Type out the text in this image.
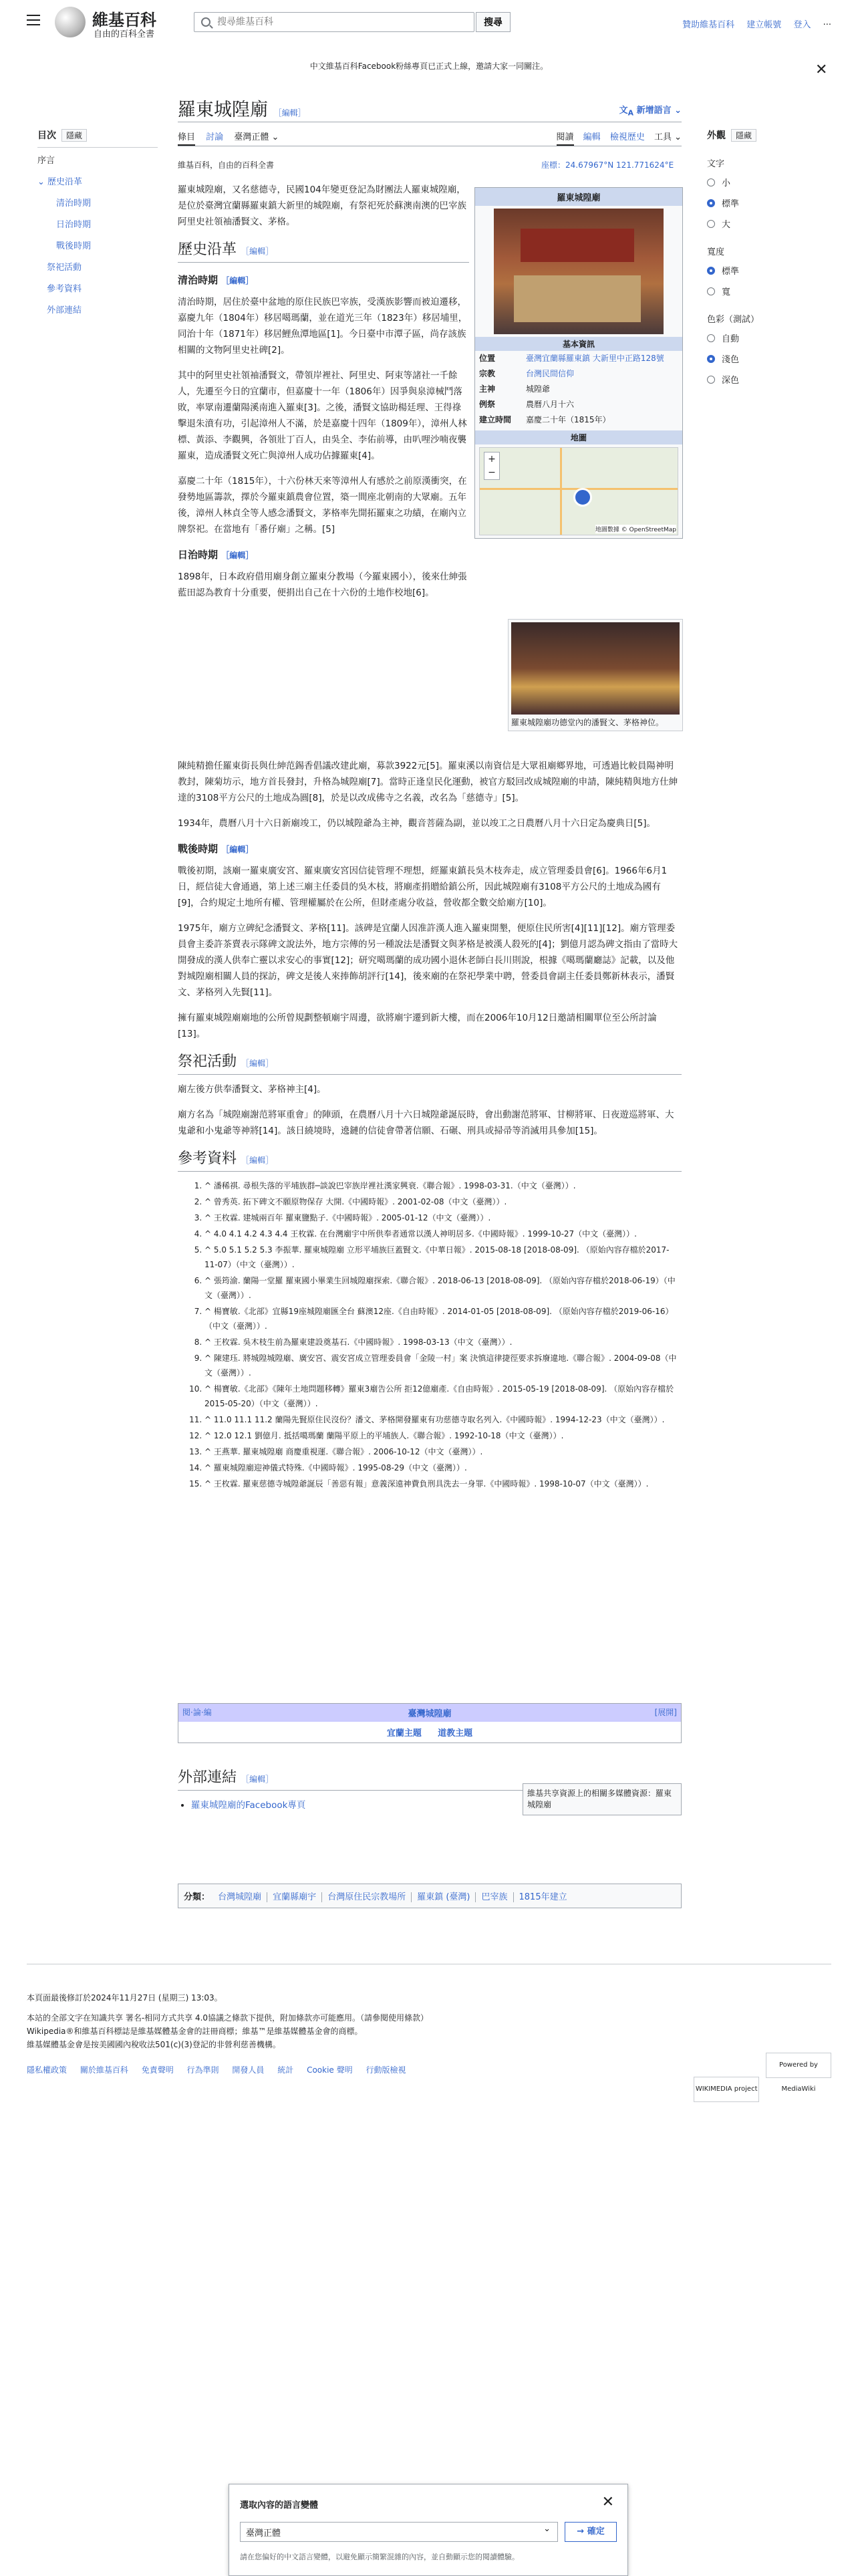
維基百科
自由的百科全書
搜尋維基百科
搜尋	贊助維基百科 建立帳號 登入 ···
中文維基百科Facebook粉絲專頁已正式上線，邀請大家一同關注。	✕
目次 隱藏
序言
⌄ 歷史沿革
清治時期
日治時期
戰後時期
祭祀活動
參考資料
外部連結
羅東城隍廟 ［編輯］	文$_A$ 新增語言 ⌄
條目 討論 臺灣正體 ⌄	閱讀 編輯 檢視歷史 工具 ⌄
維基百科，自由的百科全書	座標：24.67967°N 121.771624°E

羅東城隍廟，又名慈德寺，民國104年變更登記為財團法人羅東城隍廟，是位於臺灣宜蘭縣羅東鎮大新里的城隍廟，有祭祀死於蘇澳南澳的巴宰族阿里史社領袖潘賢文、茅格。

歷史沿革 ［編輯］
清治時期 ［編輯］

清治時期，居住於臺中盆地的原住民族巴宰族，受漢族影響而被迫遷移，嘉慶九年（1804年）移居噶瑪蘭，並在道光三年（1823年）移居埔里，同治十年（1871年）移居鯉魚潭地區[1]。今日臺中市潭子區，尚存該族相關的文物阿里史社碑[2]。

其中的阿里史社領袖潘賢文，帶領岸裡社、阿里史、阿束等諸社一千餘人，先遷至今日的宜蘭市，但嘉慶十一年（1806年）因爭與泉漳械鬥落敗，率眾南遷蘭陽溪南進入羅東[3]。之後，潘賢文協助楊廷理、王得祿擊退朱濆有功，引起漳州人不滿，於是嘉慶十四年（1809年），漳州人林標、黃添、李觀興，各領壯丁百人，由吳全、李佑前導，由叭哩沙喃夜襲羅東，造成潘賢文死亡與漳州人成功佔據羅東[4]。

嘉慶二十年（1815年），十六份林天來等漳州人有感於之前原漢衝突，在發勢地區籌款，擇於今羅東鎮農會位置，築一間座北朝南的大眾廟。五年後，漳州人林貞全等人感念潘賢文，茅格率先開拓羅東之功績，在廟內立牌祭祀。在當地有「番仔廟」之稱。[5]

日治時期 ［編輯］

1898年，日本政府借用廟身創立羅東分教場（今羅東國小），後來仕紳張藍田認為教育十分重要，便捐出自己在十六份的土地作校地[6]。

羅東城隍廟
基本資訊
位置	臺灣宜蘭縣羅東鎮 大新里中正路128號
宗教	台灣民間信仰
主神	城隍爺
例祭	農曆八月十六
建立時間	嘉慶二十年（1815年）
地圖
+ −
地圖數據 © OpenStreetMap
羅東城隍廟功德堂內的潘賢文、茅格神位。

陳純精擔任羅東街長與仕紳范錫香倡議改建此廟，募款3922元[5]。羅東溪以南資信是大眾祖廟鄉界地，可透過比較員陽神明教封，陳菊坊示，地方首長發封，升格為城隍廟[7]。當時正逢皇民化運動，被官方駁回改成城隍廟的申請，陳純精與地方仕紳達的3108平方公尺的土地成為圓[8]，於是以改成佛寺之名義，改名為「慈德寺」[5]。

1934年，農曆八月十六日新廟竣工，仍以城隍爺為主神，觀音菩薩為副，並以竣工之日農曆八月十六日定為慶典日[5]。

戰後時期 ［編輯］

戰後初期，該廟一羅東廣安宮、羅東廣安宮因信徒管理不理想，經羅東鎮長吳木枝奔走，成立管理委員會[6]。1966年6月1日，經信徒大會通過，第上述三廟主任委員的吳木枝，將廟產捐贈給鎮公所，因此城隍廟有3108平方公尺的土地成為國有[9]，合約規定土地所有權、管理權屬於在公所，但財產處分收益，營收都全數交給廟方[10]。

1975年，廟方立碑紀念潘賢文、茅格[11]。該碑是宜蘭人因准許漢人進入羅東開墾，便原住民所害[4][11][12]。廟方管理委員會主委許茶賣表示隊碑文說法外，地方宗傳的另一種說法是潘賢文與茅格是被漢人殺死的[4]；劉億月認為碑文指由了當時大開發成的漢人供奉亡靈以求安心的事實[12]；研究噶瑪蘭的成功國小退休老師白長川則說，根據《噶瑪蘭廳誌》記載，以及他對城隍廟相關人員的探訪，碑文是後人來捧飾胡評行[14]，後來廟的在祭祀學業中聘，營委員會副主任委員鄭新林表示，潘賢文、茅格列入先賢[11]。

擁有羅東城隍廟廟地的公所曾規劃整頓廟宇周邊，欲將廟宇遷到新大樓，而在2006年10月12日邀請相關單位至公所討論[13]。

祭祀活動 ［編輯］

廟左後方供奉潘賢文、茅格神主[4]。

廟方名為「城隍廟謝范將軍重會」的陣頭，在農曆八月十六日城隍爺誕辰時，會出動謝范將軍、甘柳將軍、日夜遊巡將軍、大鬼爺和小鬼爺等神將[14]。該日繞境時，遶鏈的信徒會帶著信願、石碾、刑具或掃帚等消滅用具參加[15]。

參考資料 ［編輯］
1. ^ 潘稀祺. 尋根失落的平埔族群─談說巴宰族岸裡社漢家興衰.《聯合報》. 1998-03-31.（中文（臺灣））.
2. ^ 曾秀英. 拓下碑文不願原物保存 大開.《中國時報》. 2001-02-08（中文（臺灣））.
3. ^ 王枚霖. 建城兩百年 羅東鹽點子.《中國時報》. 2005-01-12（中文（臺灣））.
4. ^ 4.0 4.1 4.2 4.3 4.4 王枚霖. 在台灣廟宇中所供奉者通常以漢人神明居多.《中國時報》. 1999-10-27（中文（臺灣））.
5. ^ 5.0 5.1 5.2 5.3 李振華. 羅東城隍廟 立形平埔族巨蓋賢文.《中華日報》. 2015-08-18 [2018-08-09]. （原始內容存檔於2017-11-07）（中文（臺灣））.
6. ^ 張筠渝. 蘭陽一堂羅 羅東國小畢業生回城隍廟探索.《聯合報》. 2018-06-13 [2018-08-09]. （原始內容存檔於2018-06-19）（中文（臺灣））.
7. ^ 楊寶敏.《北部》宜縣19座城隍廟匯全台 蘇澳12座.《自由時報》. 2014-01-05 [2018-08-09]. （原始內容存檔於2019-06-16）（中文（臺灣））.
8. ^ 王枚霖. 吳木枝生前為羅東建設奠基石.《中國時報》. 1998-03-13（中文（臺灣））.
9. ^ 陳建珏. 將城隍城隍廟、廣安宮、震安宮成立管理委員會「金陵一村」案 決慎這律捷徑要求拆廢違地.《聯合報》. 2004-09-08（中文（臺灣））.
10. ^ 楊寶敏.《北部》《陳年土地問題移轉》羅東3廟告公所 拒12億廟產.《自由時報》. 2015-05-19 [2018-08-09]. （原始內容存檔於2015-05-20）（中文（臺灣））.
11. ^ 11.0 11.1 11.2 蘭陽先賢原住民沒份？潘文、茅格開發羅東有功慈德寺取名列入.《中國時報》. 1994-12-23（中文（臺灣））.
12. ^ 12.0 12.1 劉億月. 抵括噶瑪蘭 蘭陽平原上的平埔族人.《聯合報》. 1992-10-18（中文（臺灣））.
13. ^ 王燕華. 羅東城隍廟 商慶重視運.《聯合報》. 2006-10-12（中文（臺灣））.
14. ^ 羅東城隍廟迎神儀式特殊.《中國時報》. 1995-08-29（中文（臺灣））.
15. ^ 王枚霖. 羅東慈德寺城隍爺誕辰「善惡有報」意義深遠神費負刑具洗去一身罪.《中國時報》. 1998-10-07（中文（臺灣））.
閱·論·編	臺灣城隍廟	[展開]
宜蘭主題 道教主題
外部連結 ［編輯］
• 羅東城隍廟的Facebook專頁
維基共享資源上的相關多媒體資源：羅東城隍廟
分類： 台灣城隍廟 宜蘭縣廟宇 台灣原住民宗教場所 羅東鎮 (臺灣) 巴宰族 1815年建立
外觀 隱藏
文字
小
標準
大
寬度
標準
寬
色彩（測試）
自動
淺色
深色
本頁面最後修訂於2024年11月27日 (星期三) 13:03。
本站的全部文字在知識共享 署名-相同方式共享 4.0協議之條款下提供，附加條款亦可能應用。（請參閱使用條款）
Wikipedia®和維基百科標誌是維基媒體基金會的註冊商標；維基™是維基媒體基金會的商標。
維基媒體基金會是按美國國內稅收法501(c)(3)登記的非營利慈善機構。
隱私權政策 關於維基百科 免責聲明 行為準則 開發人員 統計 Cookie 聲明 行動版檢視
WIKIMEDIA project Powered by MediaWiki
選取內容的語言變體	✕
臺灣正體 ⌄	→ 確定
請在您偏好的中文語言變體，以避免顯示簡繁混雜的內容，並自動顯示您的閱讀體驗。
